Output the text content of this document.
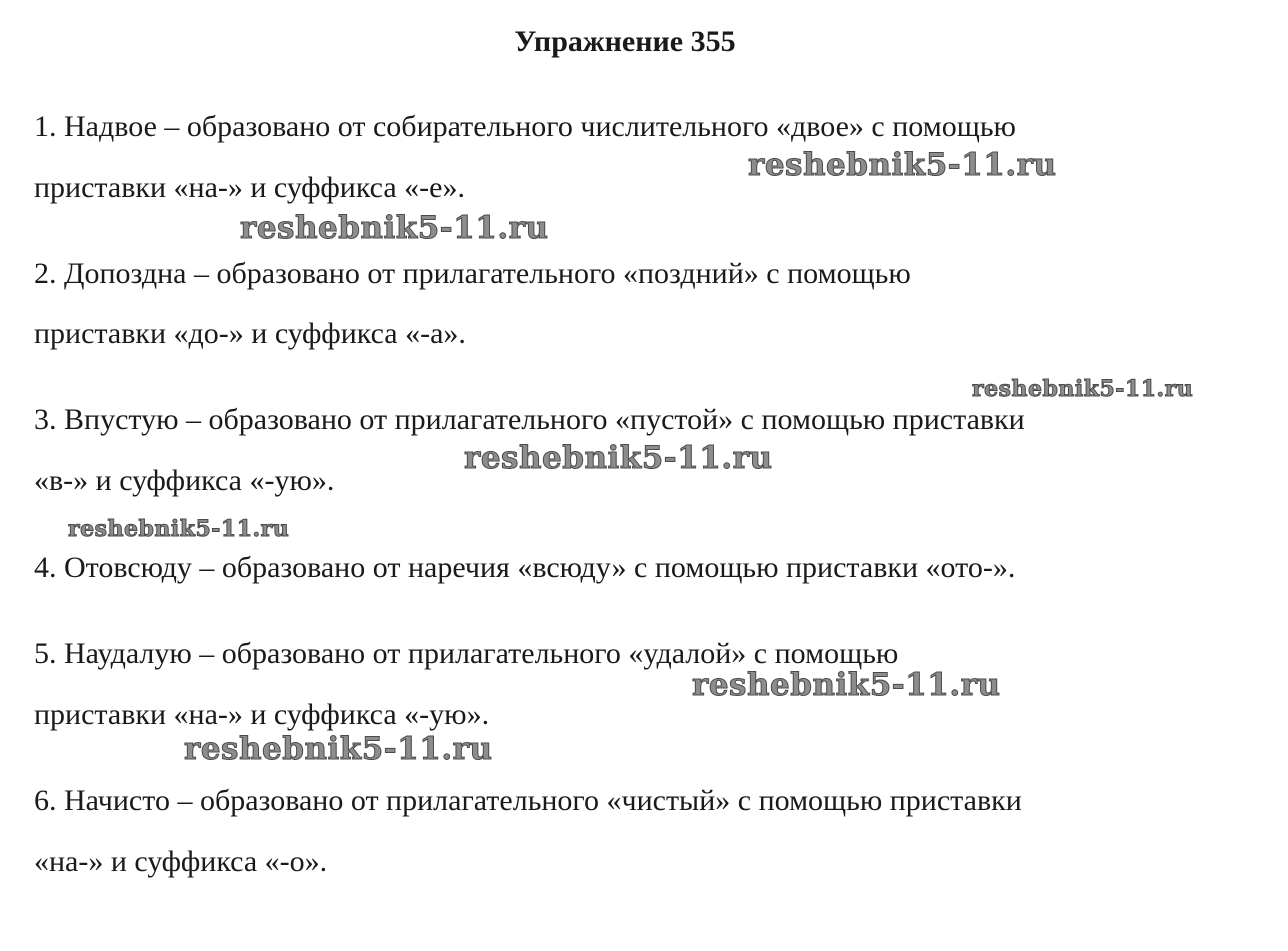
Упражнение 355

1. Надвое – образовано от собирательного числительного «двое» с помощью

приставки «на-» и суффикса «-е».

2. Допоздна – образовано от прилагательного «поздний» с помощью

приставки «до-» и суффикса «-а».

3. Впустую – образовано от прилагательного «пустой» с помощью приставки

«в-» и суффикса «-ую».

4. Отовсюду – образовано от наречия «всюду» с помощью приставки «ото-».

5. Наудалую – образовано от прилагательного «удалой» с помощью

приставки «на-» и суффикса «-ую».

6. Начисто – образовано от прилагательного «чистый» с помощью приставки

«на-» и суффикса «-о».

reshebnik5-11.ru
reshebnik5-11.ru
reshebnik5-11.ru
reshebnik5-11.ru
reshebnik5-11.ru
reshebnik5-11.ru
reshebnik5-11.ru
